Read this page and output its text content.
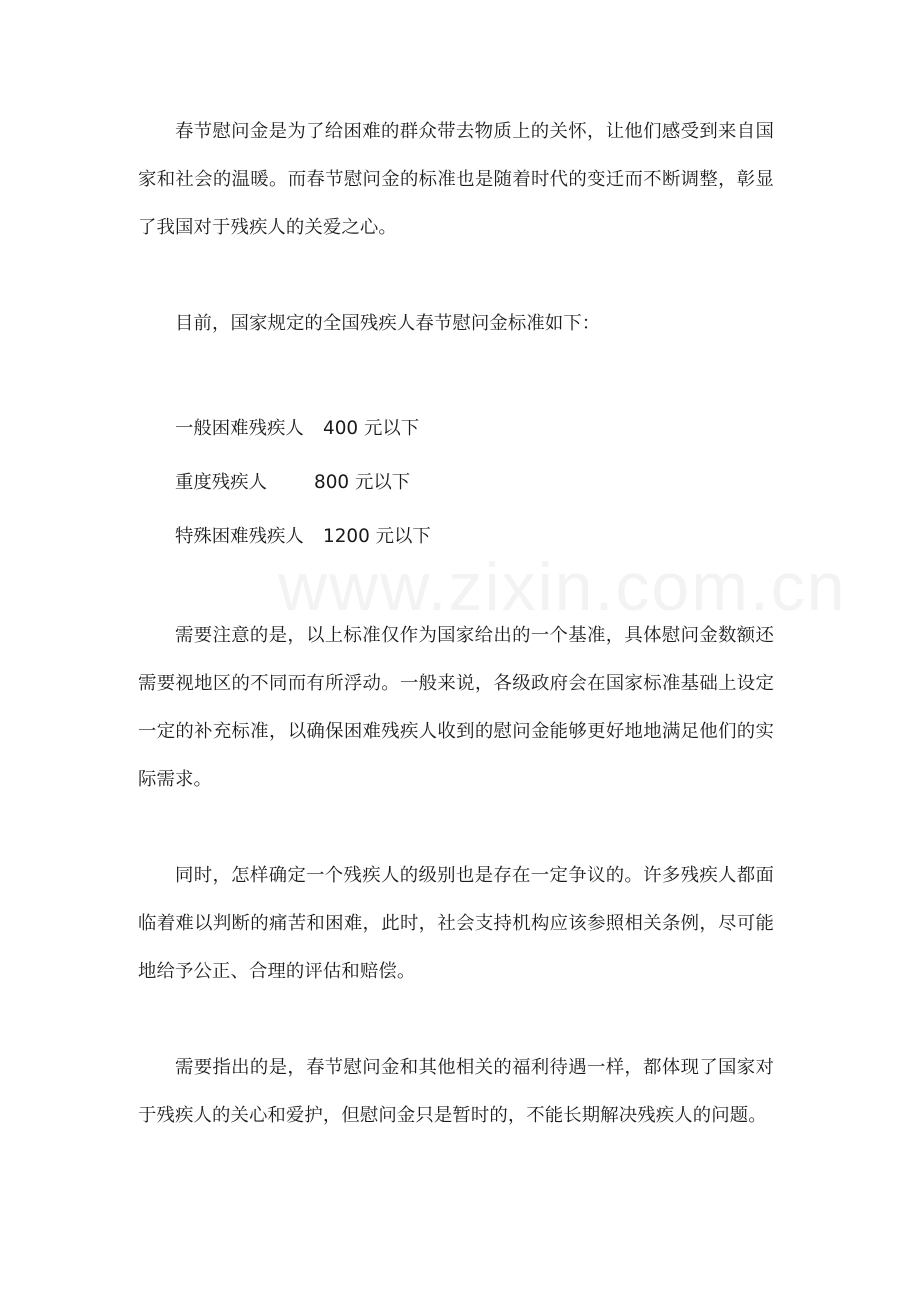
春节慰问金是为了给困难的群众带去物质上的关怀，让他们感受到来自国家和社会的温暖。而春节慰问金的标准也是随着时代的变迁而不断调整，彰显了我国对于残疾人的关爱之心。

目前，国家规定的全国残疾人春节慰问金标准如下：

一般困难残疾人	400 元以下
重度残疾人	800 元以下
特殊困难残疾人	1200 元以下

需要注意的是，以上标准仅作为国家给出的一个基准，具体慰问金数额还需要视地区的不同而有所浮动。一般来说，各级政府会在国家标准基础上设定一定的补充标准，以确保困难残疾人收到的慰问金能够更好地地满足他们的实际需求。

同时，怎样确定一个残疾人的级别也是存在一定争议的。许多残疾人都面临着难以判断的痛苦和困难，此时，社会支持机构应该参照相关条例，尽可能地给予公正、合理的评估和赔偿。

需要指出的是，春节慰问金和其他相关的福利待遇一样，都体现了国家对于残疾人的关心和爱护，但慰问金只是暂时的，不能长期解决残疾人的问题。

www.zixin.com.cn
